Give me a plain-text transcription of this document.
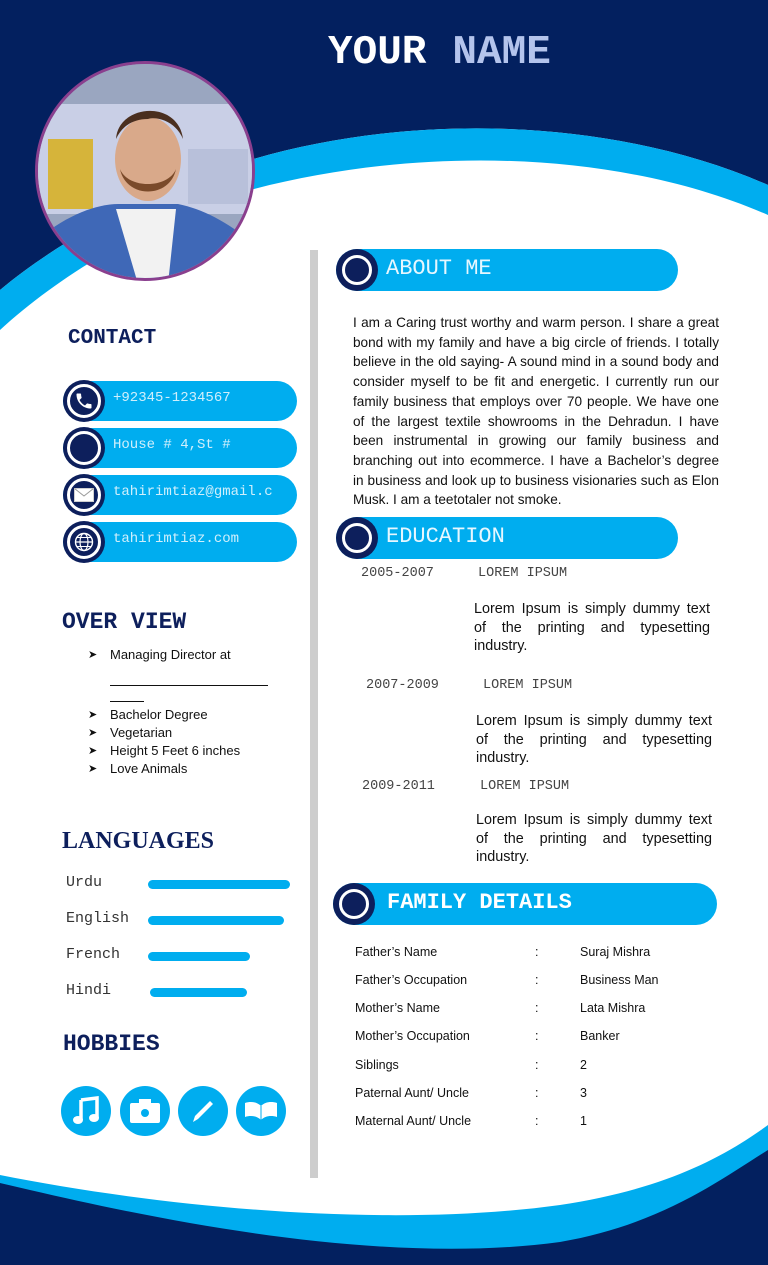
YOUR NAME
CONTACT
+92345-1234567
House # 4,St #
tahirimtiaz@gmail.c
tahirimtiaz.com
OVER VIEW
➤ Managing Director at
➤ Bachelor Degree
➤ Vegetarian
➤ Height 5 Feet 6 inches
➤ Love Animals
LANGUAGES
Urdu
English
French
Hindi
HOBBIES
ABOUT ME
I am a Caring trust worthy and warm person. I share a great bond with my family and have a big circle of friends. I totally believe in the old saying- A sound mind in a sound body and consider myself to be fit and energetic. I currently run our family business that employs over 70 people. We have one of the largest textile showrooms in the Dehradun. I have been instrumental in growing our family business and branching out into ecommerce. I have a Bachelor’s degree in business and look up to business visionaries such as Elon Musk. I am a teetotaler not smoke.
EDUCATION
2005-2007	LOREM IPSUM
Lorem Ipsum is simply dummy text of the printing and typesetting industry.
2007-2009	LOREM IPSUM
Lorem Ipsum is simply dummy text of the printing and typesetting industry.
2009-2011	LOREM IPSUM
Lorem Ipsum is simply dummy text of the printing and typesetting industry.
FAMILY DETAILS
Father’s Name	:	Suraj Mishra
Father’s Occupation	:	Business Man
Mother’s Name	:	Lata Mishra
Mother’s Occupation	:	Banker
Siblings	:	2
Paternal Aunt/ Uncle	:	3
Maternal Aunt/ Uncle	:	1
